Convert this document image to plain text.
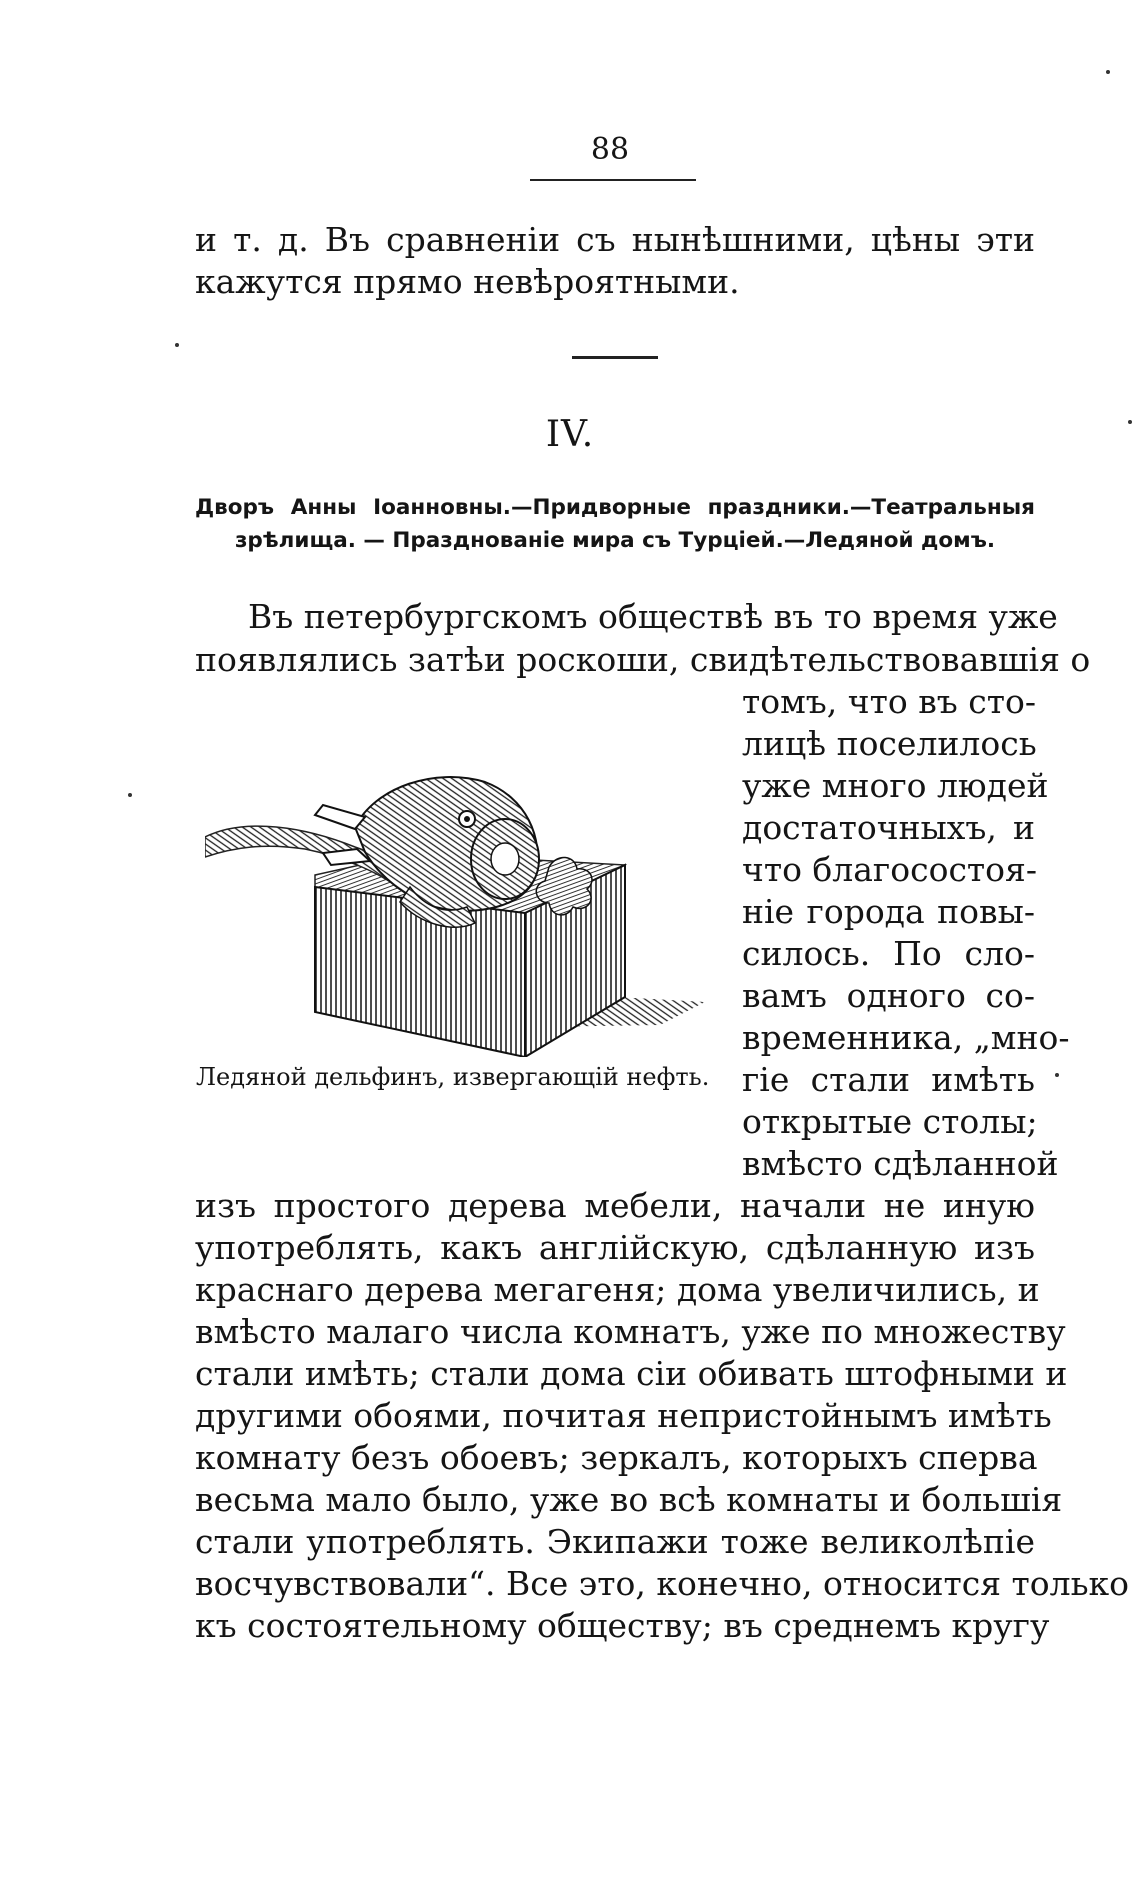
88
и т. д. Въ сравненіи съ нынѣшними, цѣны эти
кажутся прямо невѣроятными.
IV.
Дворъ Анны Іоанновны.—Придворные праздники.—Театральныя
зрѣлища. — Празднованіе мира съ Турціей.—Ледяной домъ.
Въ петербургскомъ обществѣ въ то время уже
появлялись затѣи роскоши, свидѣтельствовавшія о
томъ, что въ сто-
лицѣ поселилось
уже много людей
достаточныхъ, и
что благосостоя-
ніе города повы-
силось. По сло-
вамъ одного со-
временника, „мно-
гіе стали имѣть
открытые столы;
вмѣсто сдѣланной
Ледяной дельфинъ, извергающій нефть.
изъ простого дерева мебели, начали не иную
употреблять, какъ англійскую, сдѣланную изъ
краснаго дерева мегагеня; дома увеличились, и
вмѣсто малаго числа комнатъ, уже по множеству
стали имѣть; стали дома сіи обивать штофными и
другими обоями, почитая непристойнымъ имѣть
комнату безъ обоевъ; зеркалъ, которыхъ сперва
весьма мало было, уже во всѣ комнаты и большія
стали употреблять. Экипажи тоже великолѣпіе
восчувствовали“. Все это, конечно, относится только
къ состоятельному обществу; въ среднемъ кругу
